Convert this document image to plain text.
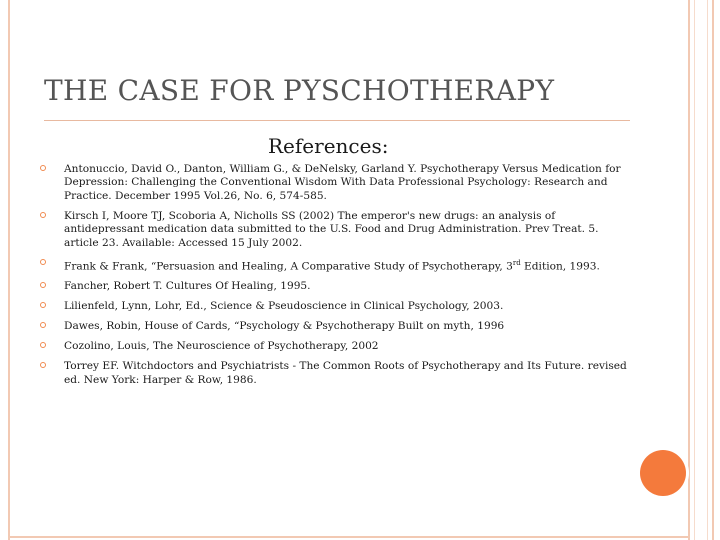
THE CASE FOR PYSCHOTHERAPY
References:
Antonuccio, David O., Danton, William G., & DeNelsky, Garland Y. Psychotherapy Versus Medication for Depression: Challenging the Conventional Wisdom With Data Professional Psychology: Research and Practice. December 1995 Vol.26, No. 6, 574-585.
Kirsch I, Moore TJ, Scoboria A, Nicholls SS (2002) The emperor's new drugs: an analysis of antidepressant medication data submitted to the U.S. Food and Drug Administration. Prev Treat. 5. article 23. Available: Accessed 15 July 2002.
Frank & Frank, “Persuasion and Healing, A Comparative Study of Psychotherapy, 3rd Edition, 1993.
Fancher, Robert T. Cultures Of Healing, 1995.
Lilienfeld, Lynn, Lohr, Ed., Science & Pseudoscience in Clinical Psychology, 2003.
Dawes, Robin, House of Cards, “Psychology & Psychotherapy Built on myth, 1996
Cozolino, Louis, The Neuroscience of Psychotherapy, 2002
Torrey EF. Witchdoctors and Psychiatrists - The Common Roots of Psychotherapy and Its Future. revised ed. New York: Harper & Row, 1986.
